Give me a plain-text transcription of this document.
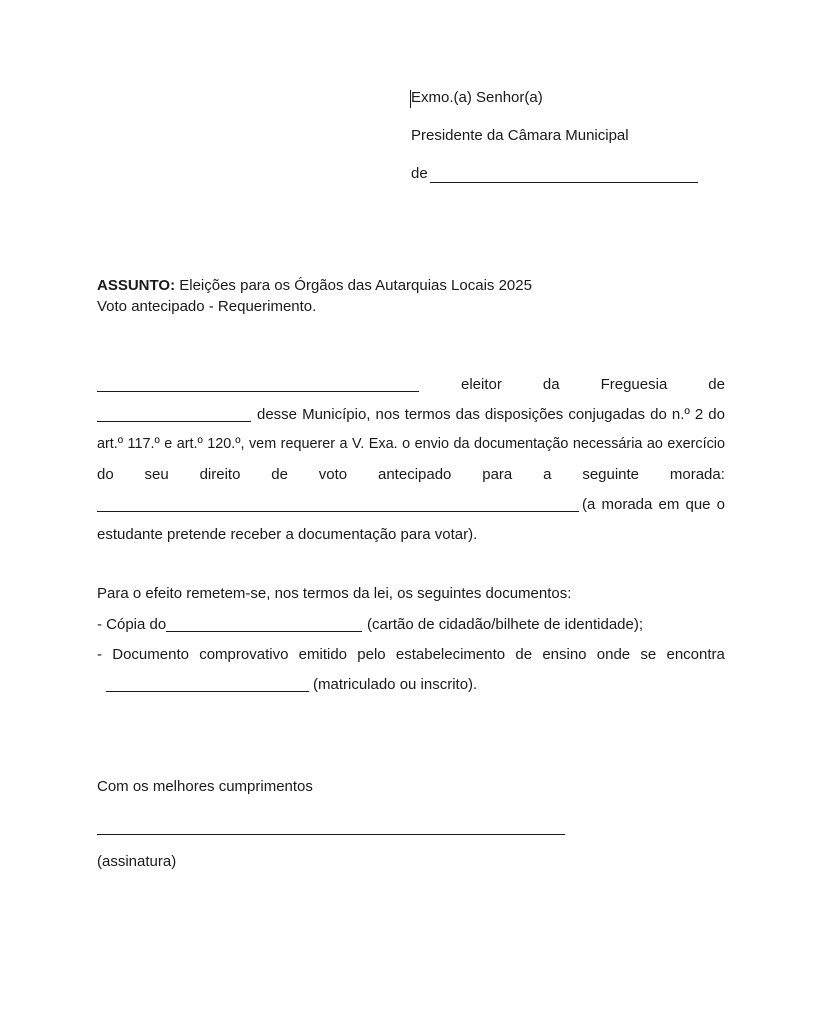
Exmo.(a) Senhor(a)
Presidente da Câmara Municipal
de
ASSUNTO: Eleições para os Órgãos das Autarquias Locais 2025
Voto antecipado - Requerimento.
eleitor	da	Freguesia	de
desse Município, nos termos das disposições conjugadas do n.º 2 do
art.º 117.º e art.º 120.º, vem requerer a V. Exa. o envio da documentação necessária ao exercício
do seu direito de voto antecipado para a seguinte morada:
(a morada em que o
estudante pretende receber a documentação para votar).
Para o efeito remetem-se, nos termos da lei, os seguintes documentos:
- Cópia do	(cartão de cidadão/bilhete de identidade);
- Documento comprovativo emitido pelo estabelecimento de ensino onde se encontra
(matriculado ou inscrito).
Com os melhores cumprimentos
(assinatura)
